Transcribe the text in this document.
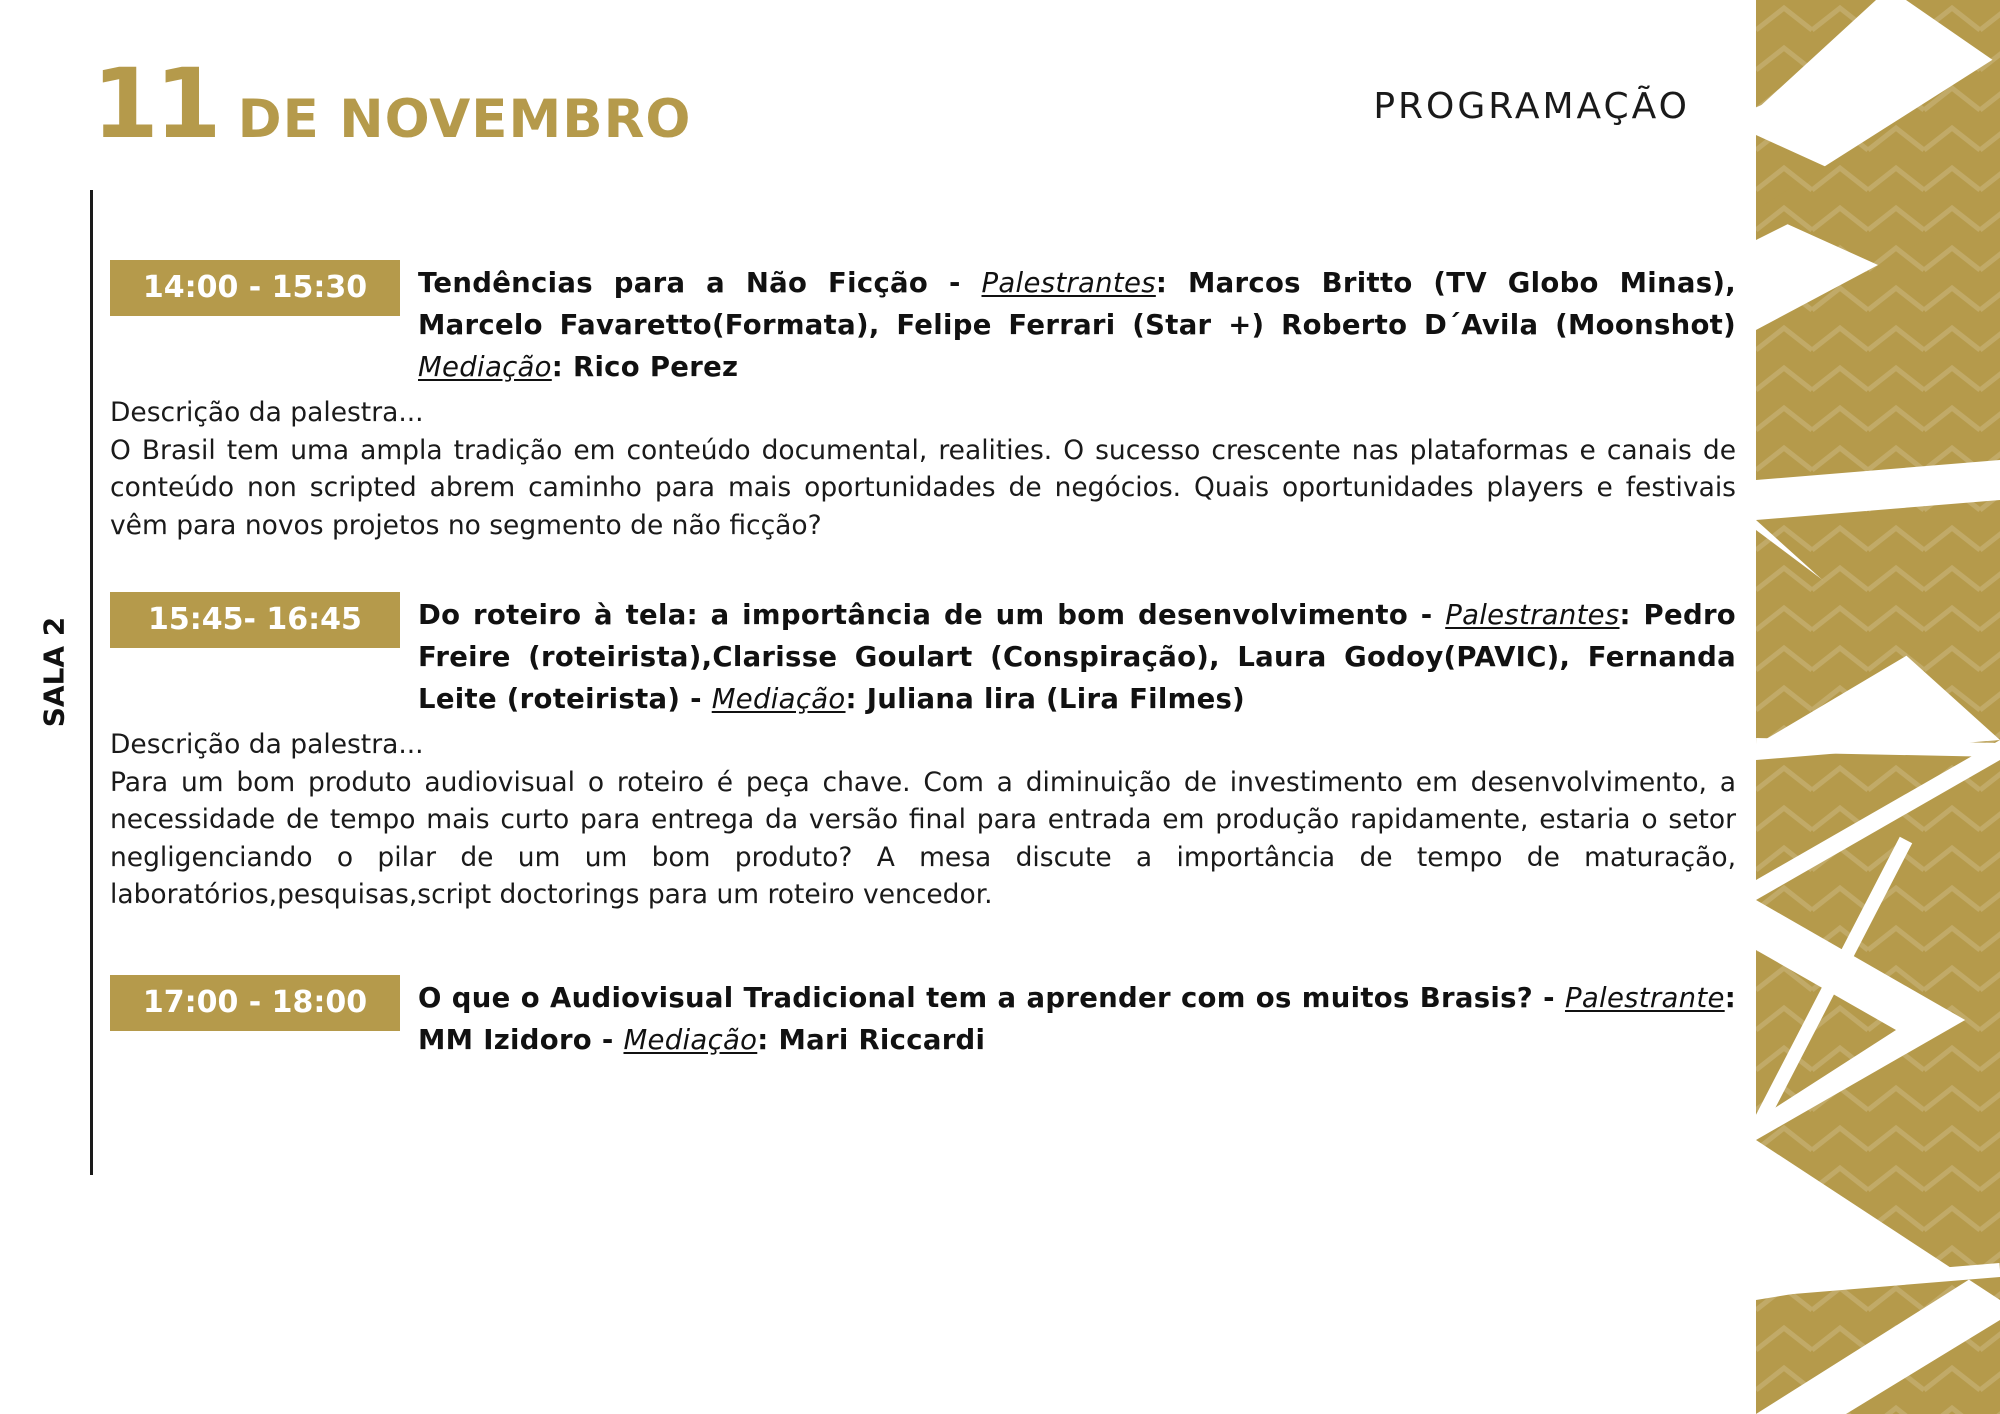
11 DE NOVEMBRO	PROGRAMAÇÃO
SALA 2
14:00 - 15:30	Tendências para a Não Ficção - Palestrantes: Marcos Britto (TV Globo Minas), Marcelo Favaretto(Formata), Felipe Ferrari (Star +) Roberto D´Avila (Moonshot) Mediação: Rico Perez

Descrição da palestra...

O Brasil tem uma ampla tradição em conteúdo documental, realities. O sucesso crescente nas plataformas e canais de conteúdo non scripted abrem caminho para mais oportunidades de negócios. Quais oportunidades players e festivais vêm para novos projetos no segmento de não ficção?

15:45- 16:45	Do roteiro à tela: a importância de um bom desenvolvimento - Palestrantes: Pedro Freire (roteirista),Clarisse Goulart (Conspiração), Laura Godoy(PAVIC), Fernanda Leite (roteirista) - Mediação: Juliana lira (Lira Filmes)

Descrição da palestra...

Para um bom produto audiovisual o roteiro é peça chave. Com a diminuição de investimento em desenvolvimento, a necessidade de tempo mais curto para entrega da versão final para entrada em produção rapidamente, estaria o setor negligenciando o pilar de um um bom produto? A mesa discute a importância de tempo de maturação, laboratórios,pesquisas,script doctorings para um roteiro vencedor.

17:00 - 18:00	O que o Audiovisual Tradicional tem a aprender com os muitos Brasis? - Palestrante: MM Izidoro - Mediação: Mari Riccardi
